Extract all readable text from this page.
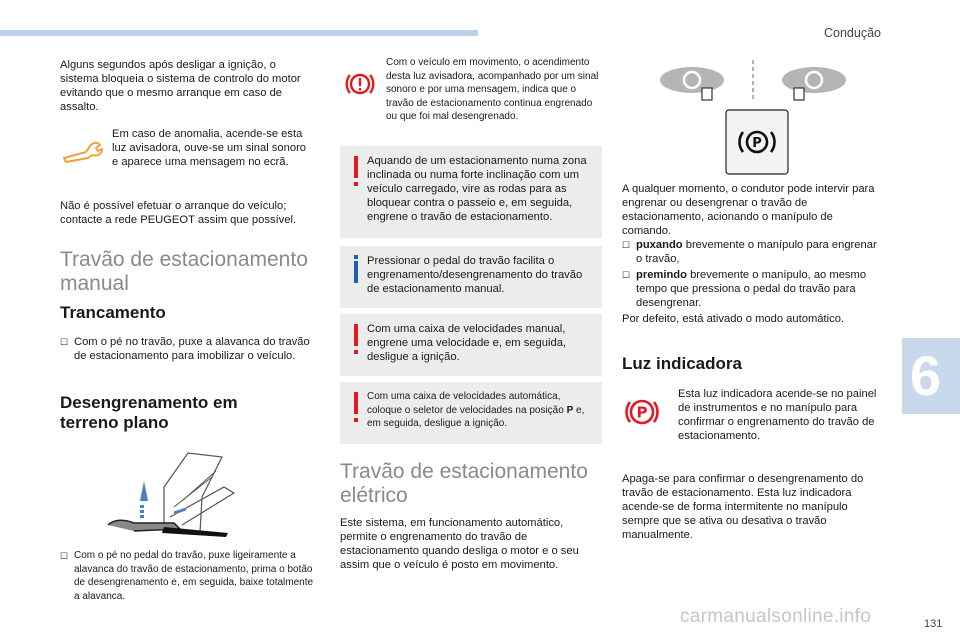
Condução

Alguns segundos após desligar a ignição, o sistema bloqueia o sistema de controlo do motor evitando que o mesmo arranque em caso de assalto.

Em caso de anomalia, acende-se esta luz avisadora, ouve-se um sinal sonoro e aparece uma mensagem no ecrã.

Não é possível efetuar o arranque do veículo; contacte a rede PEUGEOT assim que possível.

Travão de estacionamento manual
Trancamento
☐ Com o pé no travão, puxe a alavanca do travão de estacionamento para imobilizar o veículo.

Desengrenamento em terreno plano
☐ Com o pé no pedal do travão, puxe ligeiramente a alavanca do travão de estacionamento, prima o botão de desengrenamento e, em seguida, baixe totalmente a alavanca.

Com o veículo em movimento, o acendimento desta luz avisadora, acompanhado por um sinal sonoro e por uma mensagem, indica que o travão de estacionamento continua engrenado ou que foi mal desengrenado.

Aquando de um estacionamento numa zona inclinada ou numa forte inclinação com um veículo carregado, vire as rodas para as bloquear contra o passeio e, em seguida, engrene o travão de estacionamento.

Pressionar o pedal do travão facilita o engrenamento/desengrenamento do travão de estacionamento manual.

Com uma caixa de velocidades manual, engrene uma velocidade e, em seguida, desligue a ignição.

Com uma caixa de velocidades automática, coloque o seletor de velocidades na posição P e, em seguida, desligue a ignição.

Travão de estacionamento elétrico

Este sistema, em funcionamento automático, permite o engrenamento do travão de estacionamento quando desliga o motor e o seu assim que o veículo é posto em movimento.

P

A qualquer momento, o condutor pode intervir para engrenar ou desengrenar o travão de estacionamento, acionando o manípulo de comando.

☐ puxando brevemente o manípulo para engrenar o travão,

☐ premindo brevemente o manípulo, ao mesmo tempo que pressiona o pedal do travão para desengrenar.

Por defeito, está ativado o modo automático.

Luz indicadora
P

Esta luz indicadora acende-se no painel de instrumentos e no manípulo para confirmar o engrenamento do travão de estacionamento.

Apaga-se para confirmar o desengrenamento do travão de estacionamento. Esta luz indicadora acende-se de forma intermitente no manípulo sempre que se ativa ou desativa o travão manualmente.

6
131
carmanualsonline.info
